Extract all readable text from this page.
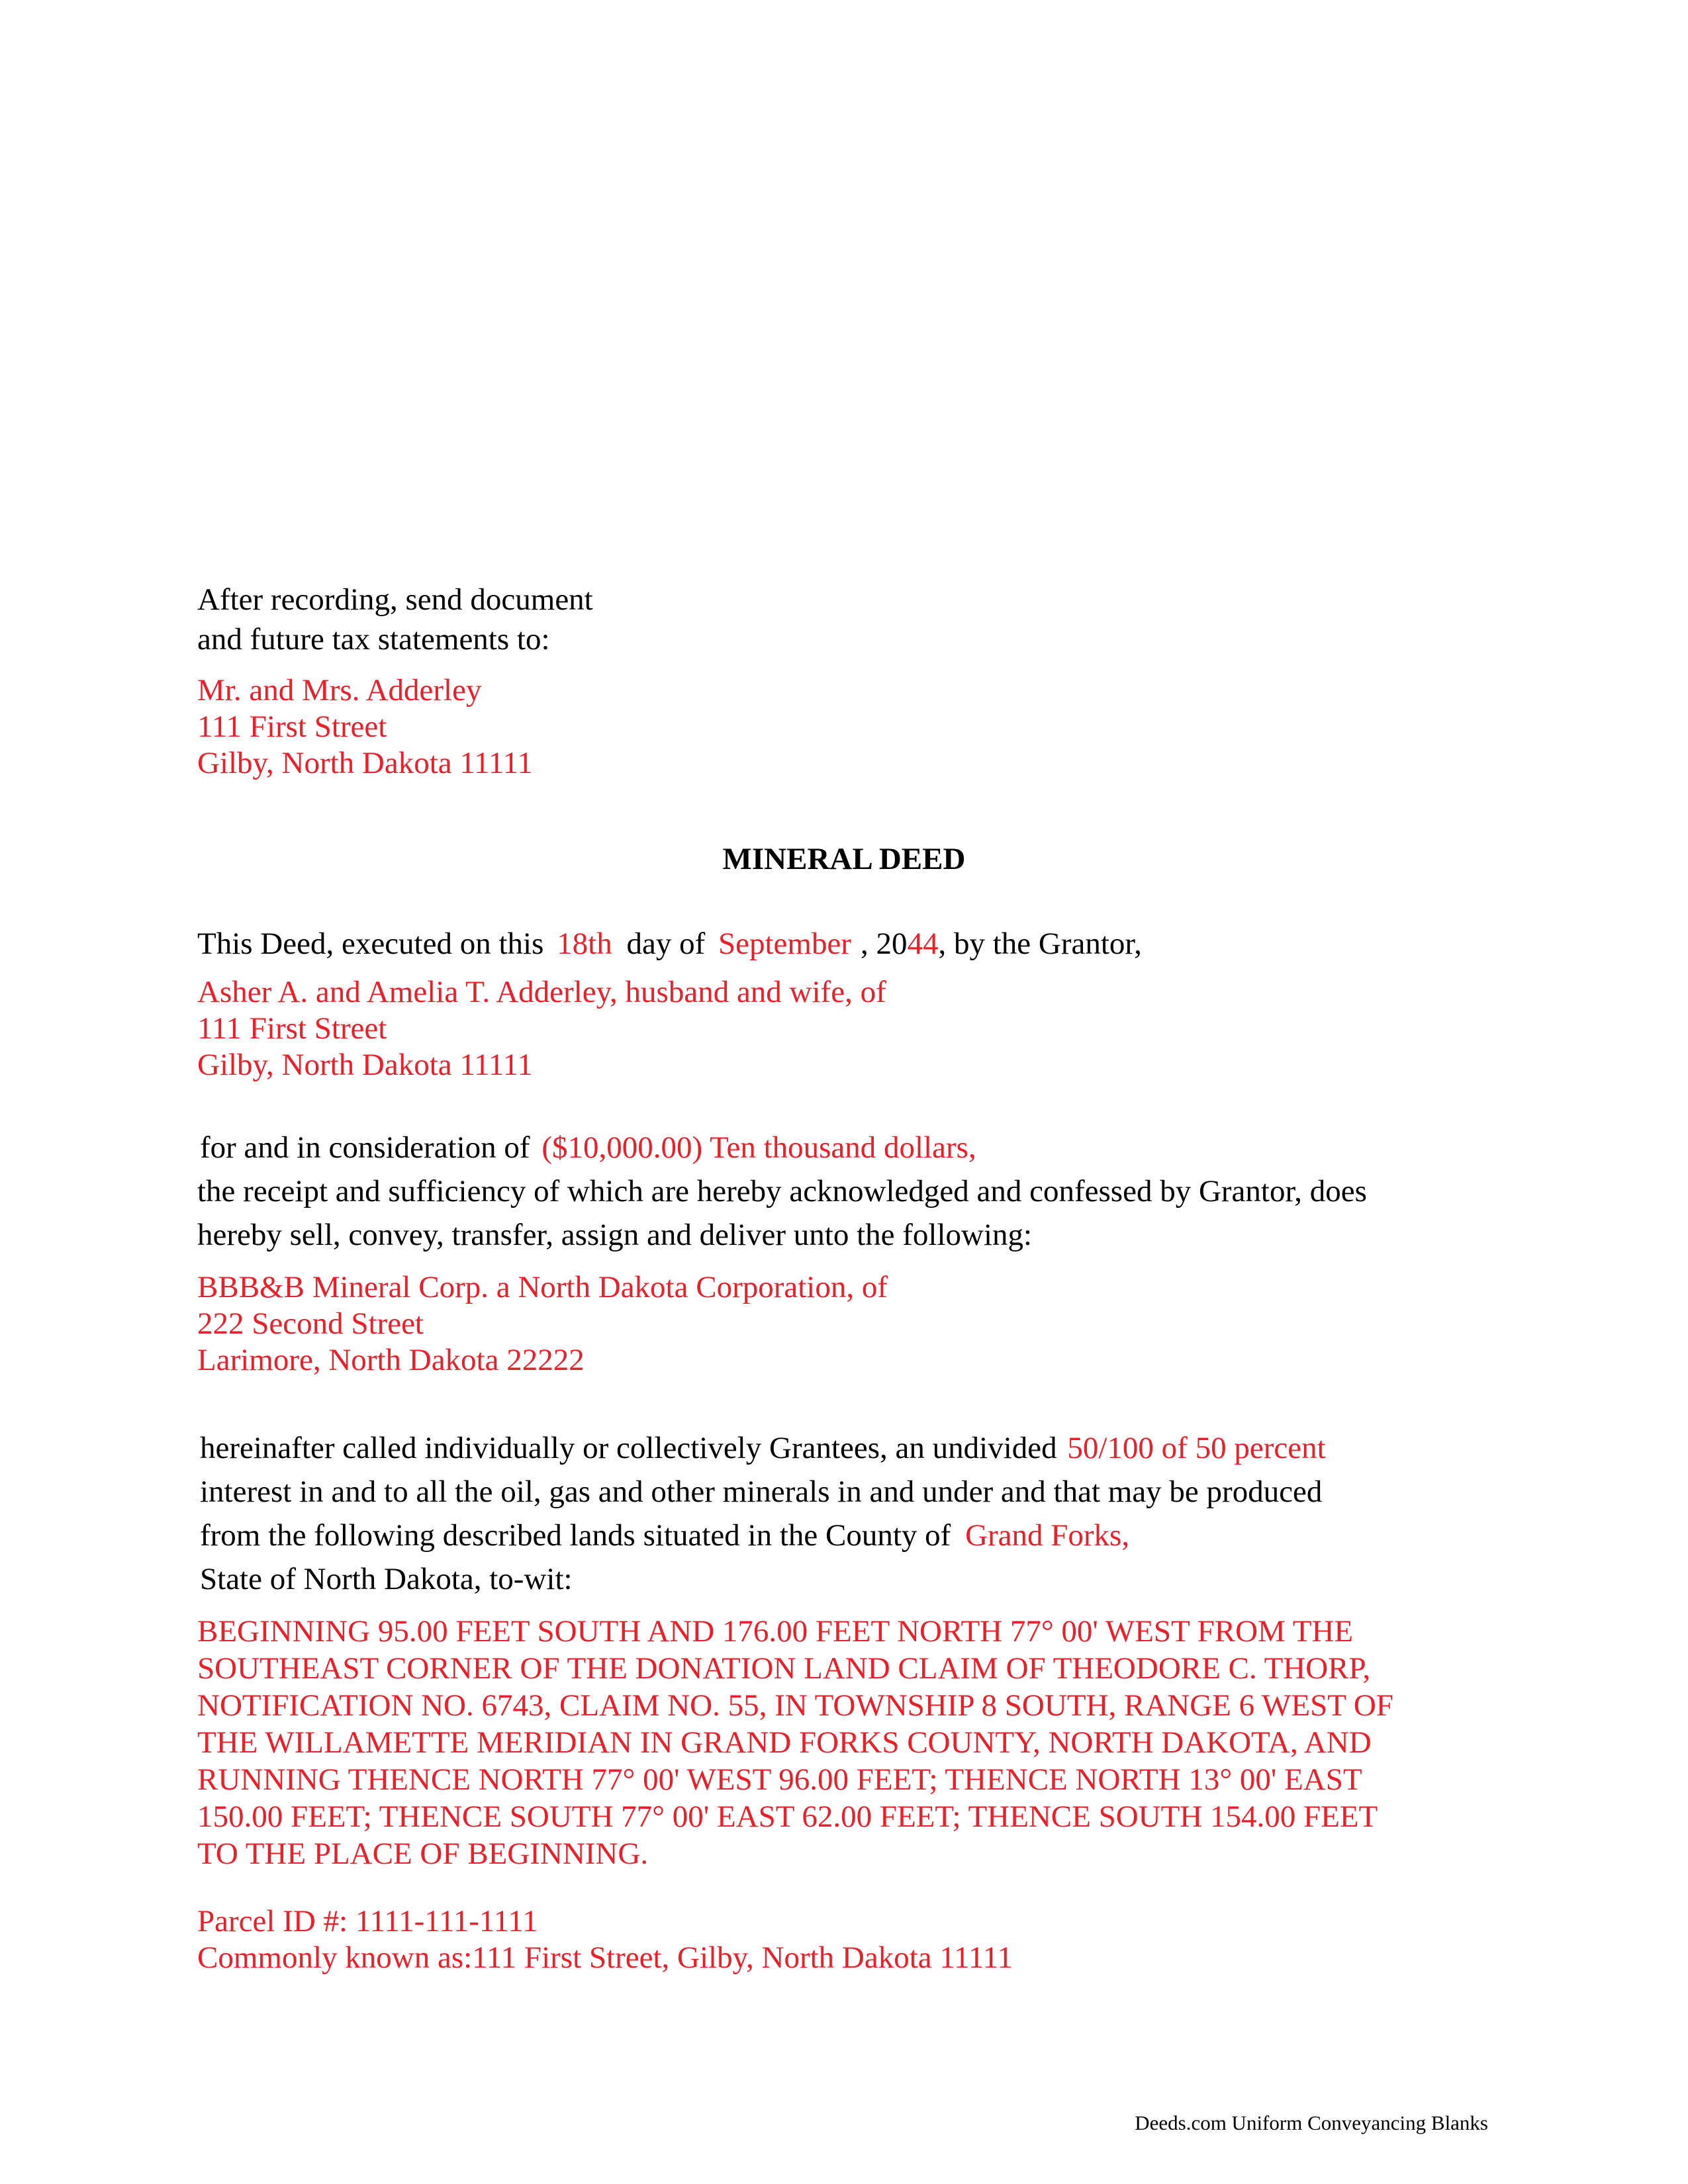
After recording, send document
and future tax statements to:
Mr. and Mrs. Adderley
111 First Street
Gilby, North Dakota 11111
MINERAL DEED
This Deed, executed on this 18th day of September , 2044, by the Grantor,
Asher A. and Amelia T. Adderley, husband and wife, of
111 First Street
Gilby, North Dakota 11111
for and in consideration of ($10,000.00) Ten thousand dollars,
the receipt and sufficiency of which are hereby acknowledged and confessed by Grantor, does
hereby sell, convey, transfer, assign and deliver unto the following:
BBB&B Mineral Corp. a North Dakota Corporation, of
222 Second Street
Larimore, North Dakota 22222
hereinafter called individually or collectively Grantees, an undivided 50/100 of 50 percent
interest in and to all the oil, gas and other minerals in and under and that may be produced
from the following described lands situated in the County of Grand Forks,
State of North Dakota, to-wit:
BEGINNING 95.00 FEET SOUTH AND 176.00 FEET NORTH 77° 00' WEST FROM THE
SOUTHEAST CORNER OF THE DONATION LAND CLAIM OF THEODORE C. THORP,
NOTIFICATION NO. 6743, CLAIM NO. 55, IN TOWNSHIP 8 SOUTH, RANGE 6 WEST OF
THE WILLAMETTE MERIDIAN IN GRAND FORKS COUNTY, NORTH DAKOTA, AND
RUNNING THENCE NORTH 77° 00' WEST 96.00 FEET; THENCE NORTH 13° 00' EAST
150.00 FEET; THENCE SOUTH 77° 00' EAST 62.00 FEET; THENCE SOUTH 154.00 FEET
TO THE PLACE OF BEGINNING.
Parcel ID #: 1111-111-1111
Commonly known as:111 First Street, Gilby, North Dakota 11111
Deeds.com Uniform Conveyancing Blanks
